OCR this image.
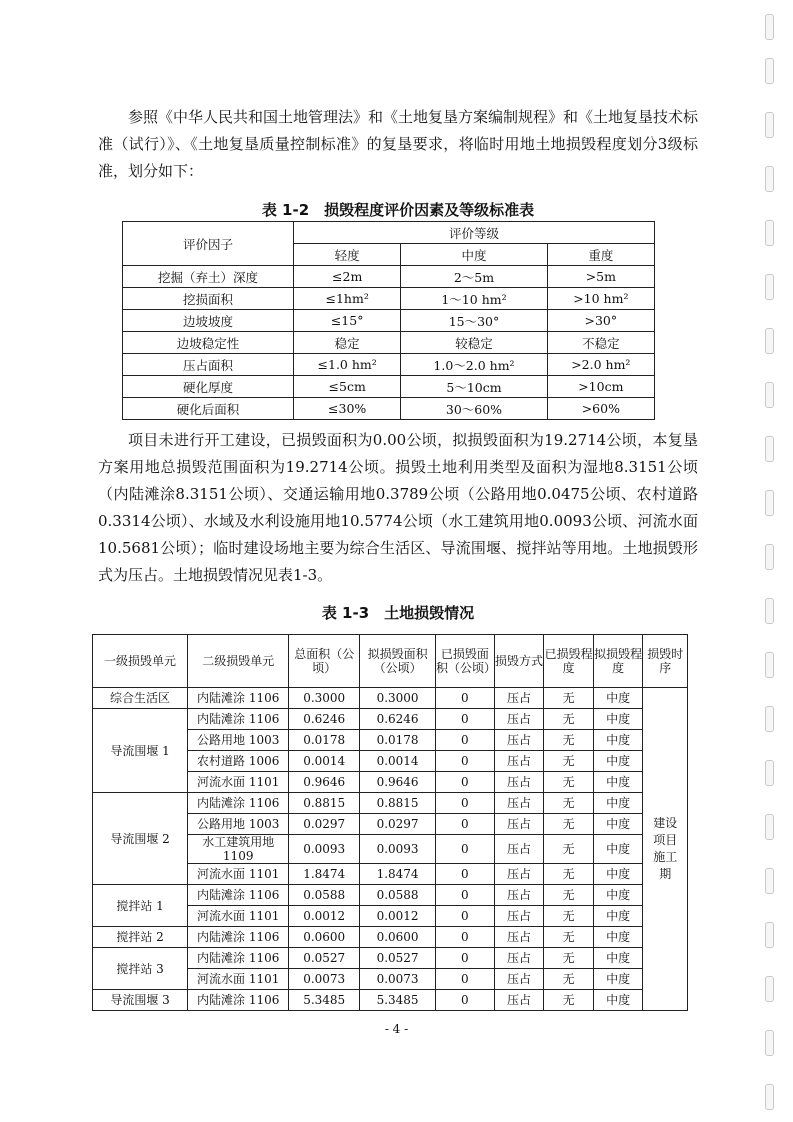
参照《中华人民共和国土地管理法》和《土地复垦方案编制规程》和《土地复垦技术标准（试行）》、《土地复垦质量控制标准》的复垦要求，将临时用地土地损毁程度划分3级标准，划分如下：

表 1-2　损毁程度评价因素及等级标准表

评价因子	评价等级		
	轻度	中度	重度
挖掘（弃土）深度	≤2m	2～5m	>5m
挖损面积	≤1hm²	1～10 hm²	>10 hm²
边坡坡度	≤15°	15～30°	>30°
边坡稳定性	稳定	较稳定	不稳定
压占面积	≤1.0 hm²	1.0～2.0 hm²	>2.0 hm²
硬化厚度	≤5cm	5～10cm	>10cm
硬化后面积	≤30%	30～60%	>60%

项目未进行开工建设，已损毁面积为0.00公顷，拟损毁面积为19.2714公顷，本复垦方案用地总损毁范围面积为19.2714公顷。损毁土地利用类型及面积为湿地8.3151公顷（内陆滩涂8.3151公顷）、交通运输用地0.3789公顷（公路用地0.0475公顷、农村道路0.3314公顷）、水域及水利设施用地10.5774公顷（水工建筑用地0.0093公顷、河流水面10.5681公顷）；临时建设场地主要为综合生活区、导流围堰、搅拌站等用地。土地损毁形式为压占。土地损毁情况见表1-3。

表 1-3　土地损毁情况

一级损毁单元	二级损毁单元	总面积（公顷）	拟损毁面积（公顷）	已损毁面积（公顷）	损毁方式	已损毁程度	拟损毁程度	损毁时序
综合生活区	内陆滩涂 1106	0.3000	0.3000	0	压占	无	中度	建设项目施工期
导流围堰 1	内陆滩涂 1106	0.6246	0.6246	0	压占	无	中度	
	公路用地 1003	0.0178	0.0178	0	压占	无	中度	
	农村道路 1006	0.0014	0.0014	0	压占	无	中度	
	河流水面 1101	0.9646	0.9646	0	压占	无	中度	
导流围堰 2	内陆滩涂 1106	0.8815	0.8815	0	压占	无	中度	
	公路用地 1003	0.0297	0.0297	0	压占	无	中度	
	水工建筑用地 1109	0.0093	0.0093	0	压占	无	中度	
	河流水面 1101	1.8474	1.8474	0	压占	无	中度	
搅拌站 1	内陆滩涂 1106	0.0588	0.0588	0	压占	无	中度	
	河流水面 1101	0.0012	0.0012	0	压占	无	中度	
搅拌站 2	内陆滩涂 1106	0.0600	0.0600	0	压占	无	中度	
搅拌站 3	内陆滩涂 1106	0.0527	0.0527	0	压占	无	中度	
	河流水面 1101	0.0073	0.0073	0	压占	无	中度	
导流围堰 3	内陆滩涂 1106	5.3485	5.3485	0	压占	无	中度	
- 4 -
